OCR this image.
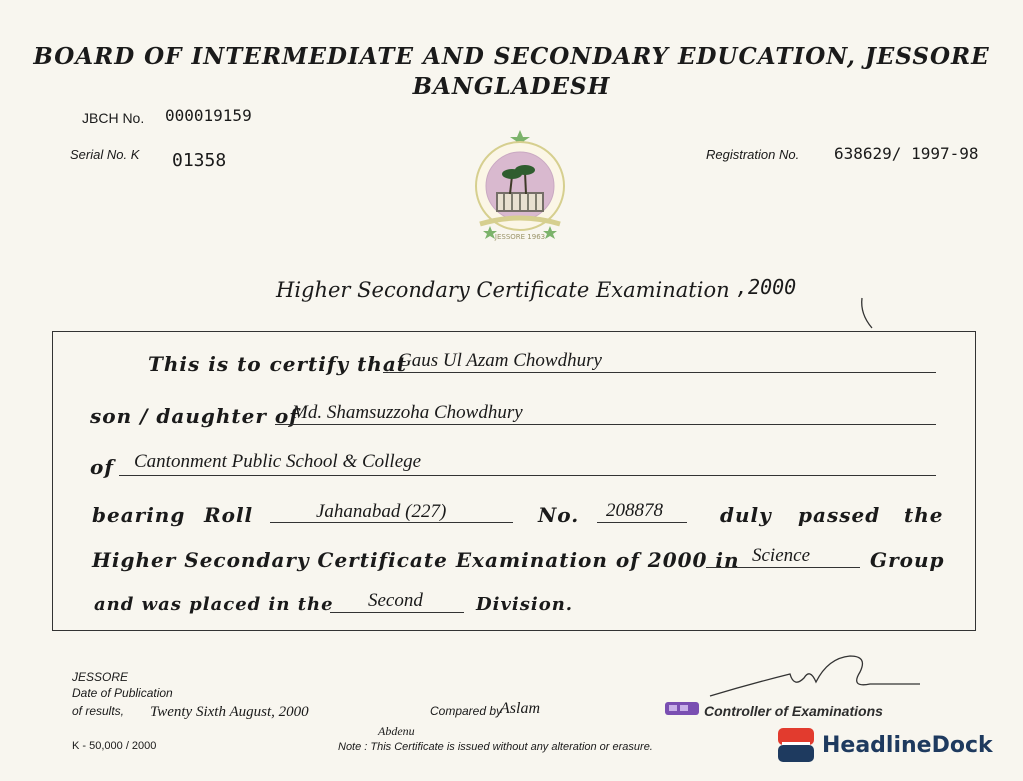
BOARD OF INTERMEDIATE AND SECONDARY EDUCATION, JESSORE
BANGLADESH
JBCH No. 000019159
Serial No. K 01358	Registration No. 638629/ 1997-98
JESSORE 1963
Higher Secondary Certificate Examination ,2000
This is to certify that
Gaus Ul Azam Chowdhury
son / daughter of
Md. Shamsuzzoha Chowdhury
of Cantonment Public School & College
bearing Roll	Jahanabad (227)	No. 208878	duly passed the
Higher Secondary Certificate Examination of 2000 in Science	Group
and was placed in the Second	Division.
JESSORE
Date of Publication
of results, Twenty Sixth August, 2000	Compared by
Aslam
Abdenu
Controller of Examinations
Note : This Certificate is issued without any alteration or erasure.
K - 50,000 / 2000	HeadlineDock
